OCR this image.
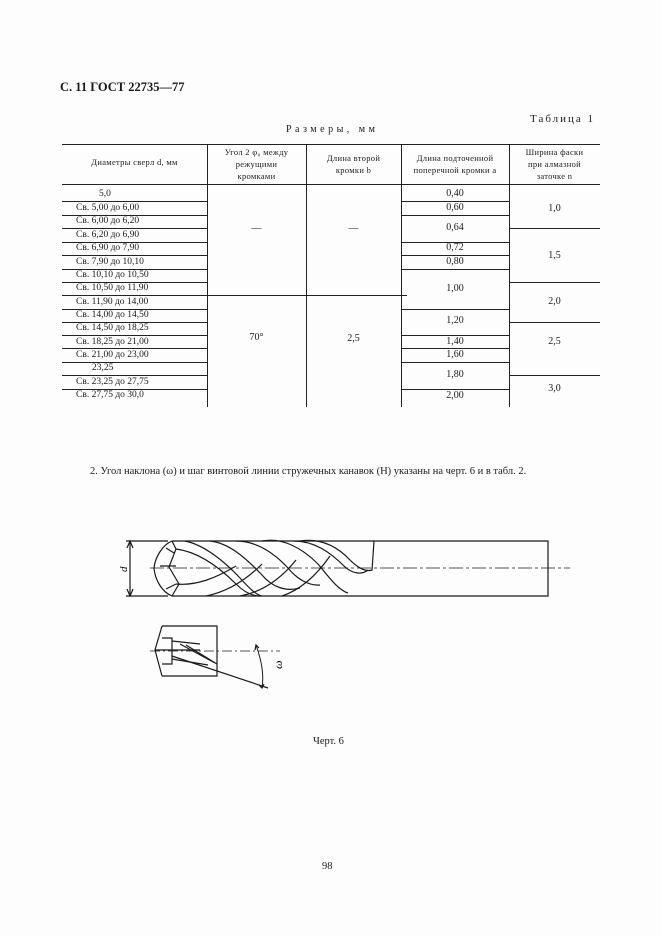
С. 11 ГОСТ 22735—77
Таблица 1
Размеры, мм
Диаметры сверл d, мм
Угол 2 φ₀ между
режущими
кромками
Длина второй
кромки b
Длина подточенной
поперечной кромки a
Ширина фаски
при алмазной
заточке n
5,0
Св. 5,00 до 6,00
Св. 6,00 до 6,20
Св. 6,20 до 6,90
Св. 6,90 до 7,90
Св. 7,90 до 10,10
Св. 10,10 до 10,50
Св. 10,50 до 11,90
Св. 11,90 до 14,00
Св. 14,00 до 14,50
Св. 14,50 до 18,25
Св. 18,25 до 21,00
Св. 21,00 до 23,00
23,25
Св. 23,25 до 27,75
Св. 27,75 до 30,0
—
70°
—
2,5
0,40
0,60
0,64
0,72
0,80
1,00
1,20
1,40
1,60
1,80
2,00
1,0
1,5
2,0
2,5
3,0
2. Угол наклона (ω) и шаг винтовой линии стружечных канавок (H) указаны на черт. 6 и в табл. 2.
d
ω
Черт. 6
98
